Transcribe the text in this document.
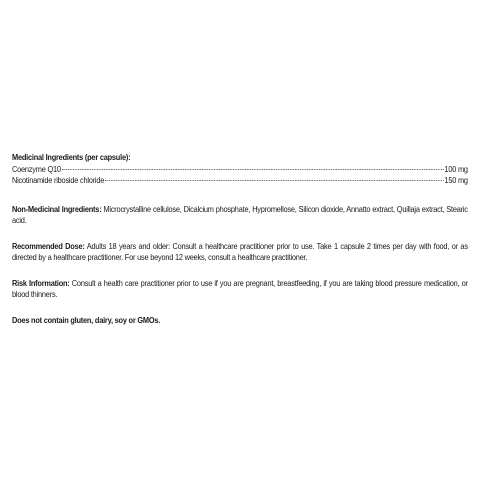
Medicinal Ingredients (per capsule):
Coenzyme Q10	100 mg
Nicotinamide riboside chloride	150 mg
Non-Medicinal Ingredients: Microcrystalline cellulose, Dicalcium phosphate, Hypromellose, Silicon dioxide, Annatto extract, Quillaja extract, Stearic acid.
Recommended Dose: Adults 18 years and older: Consult a healthcare practitioner prior to use. Take 1 capsule 2 times per day with food, or as directed by a healthcare practitioner. For use beyond 12 weeks, consult a healthcare practitioner.
Risk Information: Consult a health care practitioner prior to use if you are pregnant, breastfeeding, if you are taking blood pressure medication, or blood thinners.
Does not contain gluten, dairy, soy or GMOs.
